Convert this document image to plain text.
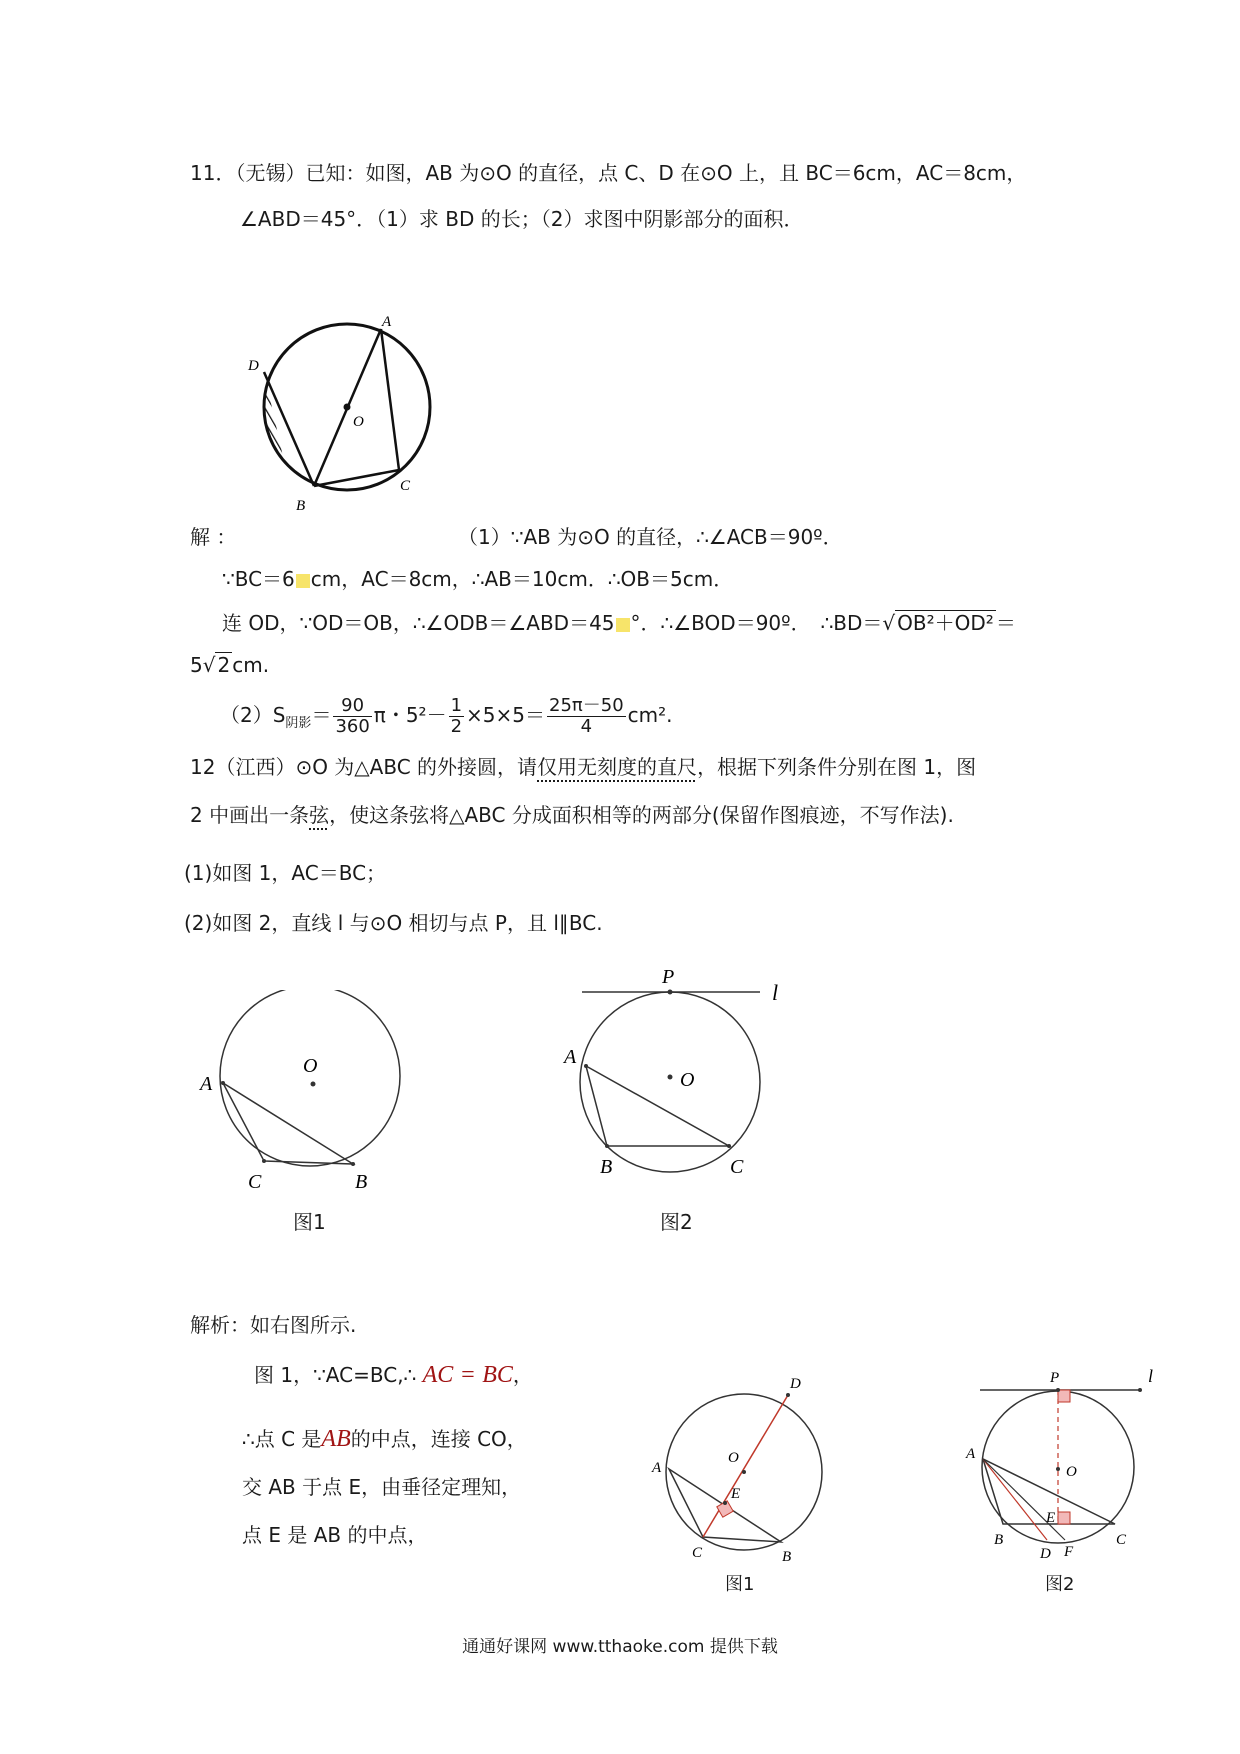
11．（无锡）已知：如图，AB 为⊙O 的直径，点 C、D 在⊙O 上，且 BC＝6cm，AC＝8cm，
∠ABD＝45°．（1）求 BD 的长；（2）求图中阴影部分的面积．
A
O
D
B
C
解 ：	（1）∵AB 为⊙O 的直径，∴∠ACB＝90º．
∵BC＝6 cm，AC＝8cm，∴AB＝10cm．∴OB＝5cm．
连 OD，∵OD＝OB，∴∠ODB＝∠ABD＝45 °．∴∠BOD＝90º．　∴BD＝√ OB²＋OD² ＝
5√ 2 cm.
$(2)S_{阴影}= \frac{90}{360}$ π・$5^2- \frac{1}{2} \times 5\times 5= \frac{25\pi-50}{4} cm^2$.
12（江西）⊙O 为△ABC 的外接圆，请仅用无刻度的直尺，根据下列条件分别在图 1，图
2 中画出一条弦，使这条弦将△ABC 分成面积相等的两部分(保留作图痕迹，不写作法).
(1)如图 1，AC＝BC；
(2)如图 2，直线 l 与⊙O 相切与点 P，且 l∥BC.
O
A
C	B
图1
P
l
O
A
B	C
图2
解析：如右图所示.
图 1，∵AC=BC,∴ AC = BC，
∴点 C 是AB的中点，连接 CO，
交 AB 于点 E，由垂径定理知，
点 E 是 AB 的中点，
D
O
E
A
C	B
图1
P	l
O
A
B
E
D F
C
图2
通通好课网 www.tthaoke.com 提供下载
